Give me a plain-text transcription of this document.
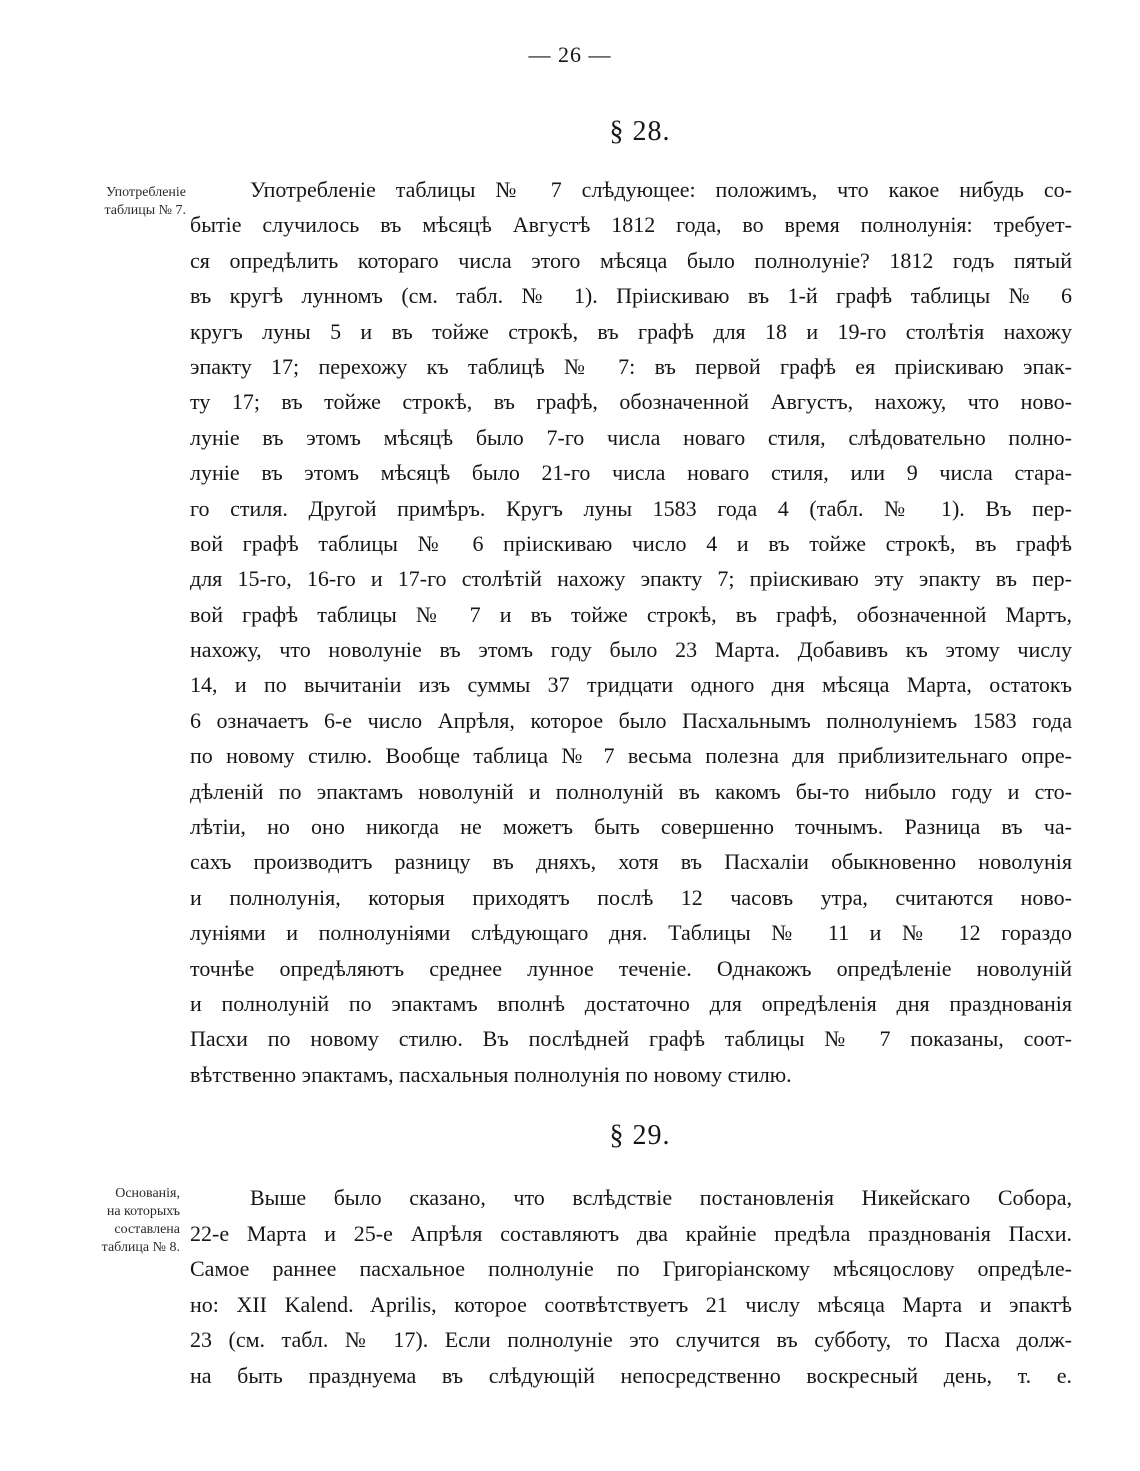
— 26 —
§ 28.
Употребленіе
таблицы № 7.
Употребленіе таблицы № 7 слѣдующее: положимъ, что какое нибудь со-
бытіе случилось въ мѣсяцѣ Августѣ 1812 года, во время полнолунія: требует-
ся опредѣлить котораго числа этого мѣсяца было полнолуніе? 1812 годъ пятый
въ кругѣ лунномъ (см. табл. № 1). Пріискиваю въ 1-й графѣ таблицы № 6
кругъ луны 5 и въ тойже строкѣ, въ графѣ для 18 и 19-го столѣтія нахожу
эпакту 17; перехожу къ таблицѣ № 7: въ первой графѣ ея пріискиваю эпак-
ту 17; въ тойже строкѣ, въ графѣ, обозначенной Августъ, нахожу, что ново-
луніе въ этомъ мѣсяцѣ было 7-го числа новаго стиля, слѣдовательно полно-
луніе въ этомъ мѣсяцѣ было 21-го числа новаго стиля, или 9 числа стара-
го стиля. Другой примѣръ. Кругъ луны 1583 года 4 (табл. № 1). Въ пер-
вой графѣ таблицы № 6 пріискиваю число 4 и въ тойже строкѣ, въ графѣ
для 15-го, 16-го и 17-го столѣтій нахожу эпакту 7; пріискиваю эту эпакту въ пер-
вой графѣ таблицы № 7 и въ тойже строкѣ, въ графѣ, обозначенной Мартъ,
нахожу, что новолуніе въ этомъ году было 23 Марта. Добавивъ къ этому числу
14, и по вычитаніи изъ суммы 37 тридцати одного дня мѣсяца Марта, остатокъ
6 означаетъ 6-е число Апрѣля, которое было Пасхальнымъ полнолуніемъ 1583 года
по новому стилю. Вообще таблица № 7 весьма полезна для приблизительнаго опре-
дѣленій по эпактамъ новолуній и полнолуній въ какомъ бы-то нибыло году и сто-
лѣтіи, но оно никогда не можетъ быть совершенно точнымъ. Разница въ ча-
сахъ производитъ разницу въ дняхъ, хотя въ Пасхаліи обыкновенно новолунія
и полнолунія, которыя приходятъ послѣ 12 часовъ утра, считаются ново-
луніями и полнолуніями слѣдующаго дня. Таблицы № 11 и № 12 гораздо
точнѣе опредѣляютъ среднее лунное теченіе. Однакожъ опредѣленіе новолуній
и полнолуній по эпактамъ вполнѣ достаточно для опредѣленія дня празднованія
Пасхи по новому стилю. Въ послѣдней графѣ таблицы № 7 показаны, соот-
вѣтственно эпактамъ, пасхальныя полнолунія по новому стилю.
§ 29.
Основанія,
на которыхъ
составлена
таблица № 8.
Выше было сказано, что вслѣдствіе постановленія Никейскаго Собора,
22-е Марта и 25-е Апрѣля составляютъ два крайніе предѣла празднованія Пасхи.
Самое раннее пасхальное полнолуніе по Григоріанскому мѣсяцослову опредѣле-
но: XII Kalend. Aprilis, которое соотвѣтствуетъ 21 числу мѣсяца Марта и эпактѣ
23 (см. табл. № 17). Если полнолуніе это случится въ субботу, то Пасха долж-
на быть празднуема въ слѣдующій непосредственно воскресный день, т. е.
